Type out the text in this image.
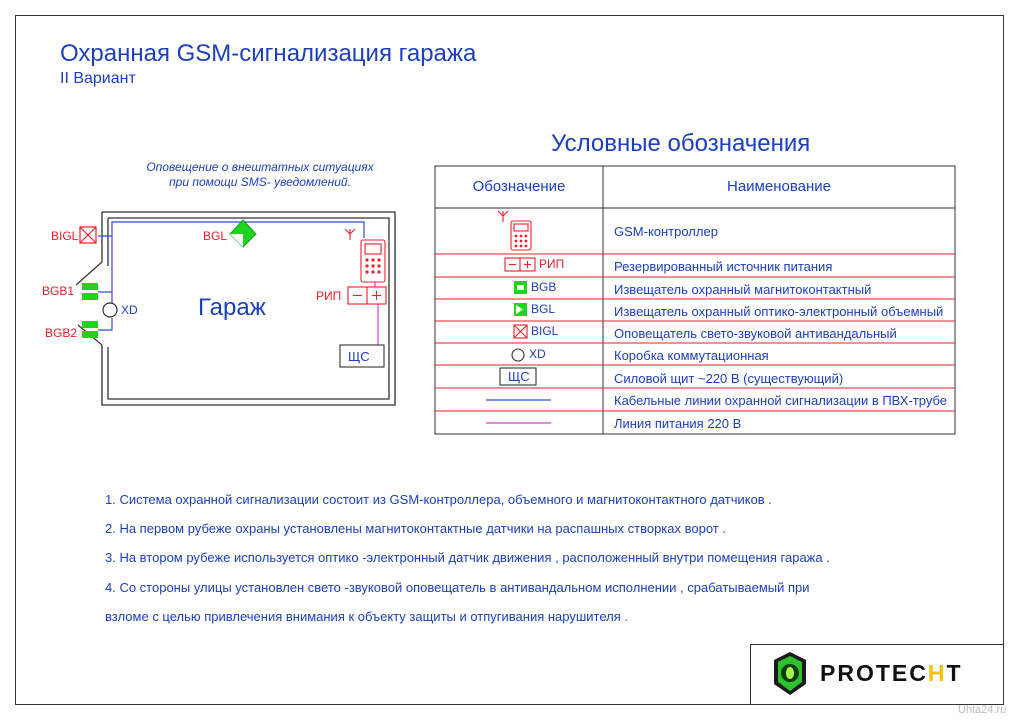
Охранная GSM-сигнализация гаража
II Вариант
Оповещение о внештатных ситуациях
при помощи SMS- уведомлений.
BIGL	BGL
BGB1
BGB2
XD
РИП
ЩС
Гараж
Условные обозначения
Обозначение	Наименование
РИП
BGB
BGL
BIGL
XD
ЩС
GSM-контроллер
Резервированный источник питания
Извещатель охранный магнитоконтактный
Извещатель охранный оптико-электронный объемный
Оповещатель свето-звуковой антивандальный
Коробка коммутационная
Силовой щит ~220 В (существующий)
Кабельные линии охранной сигнализации в ПВХ-трубе
Линия питания 220 В
1. Система охранной сигнализации состоит из GSM-контроллера, объемного и магнитоконтактного датчиков .
2. На первом рубеже охраны установлены магнитоконтактные датчики на распашных створках ворот .
3. На втором рубеже используется оптико -электронный датчик движения , расположенный внутри помещения гаража .
4. Со стороны улицы установлен свето -звуковой оповещатель в антивандальном исполнении , срабатываемый при
взломе с целью привлечения внимания к объекту защиты и отпугивания нарушителя .
PROTECHT
Uhta24.ru
